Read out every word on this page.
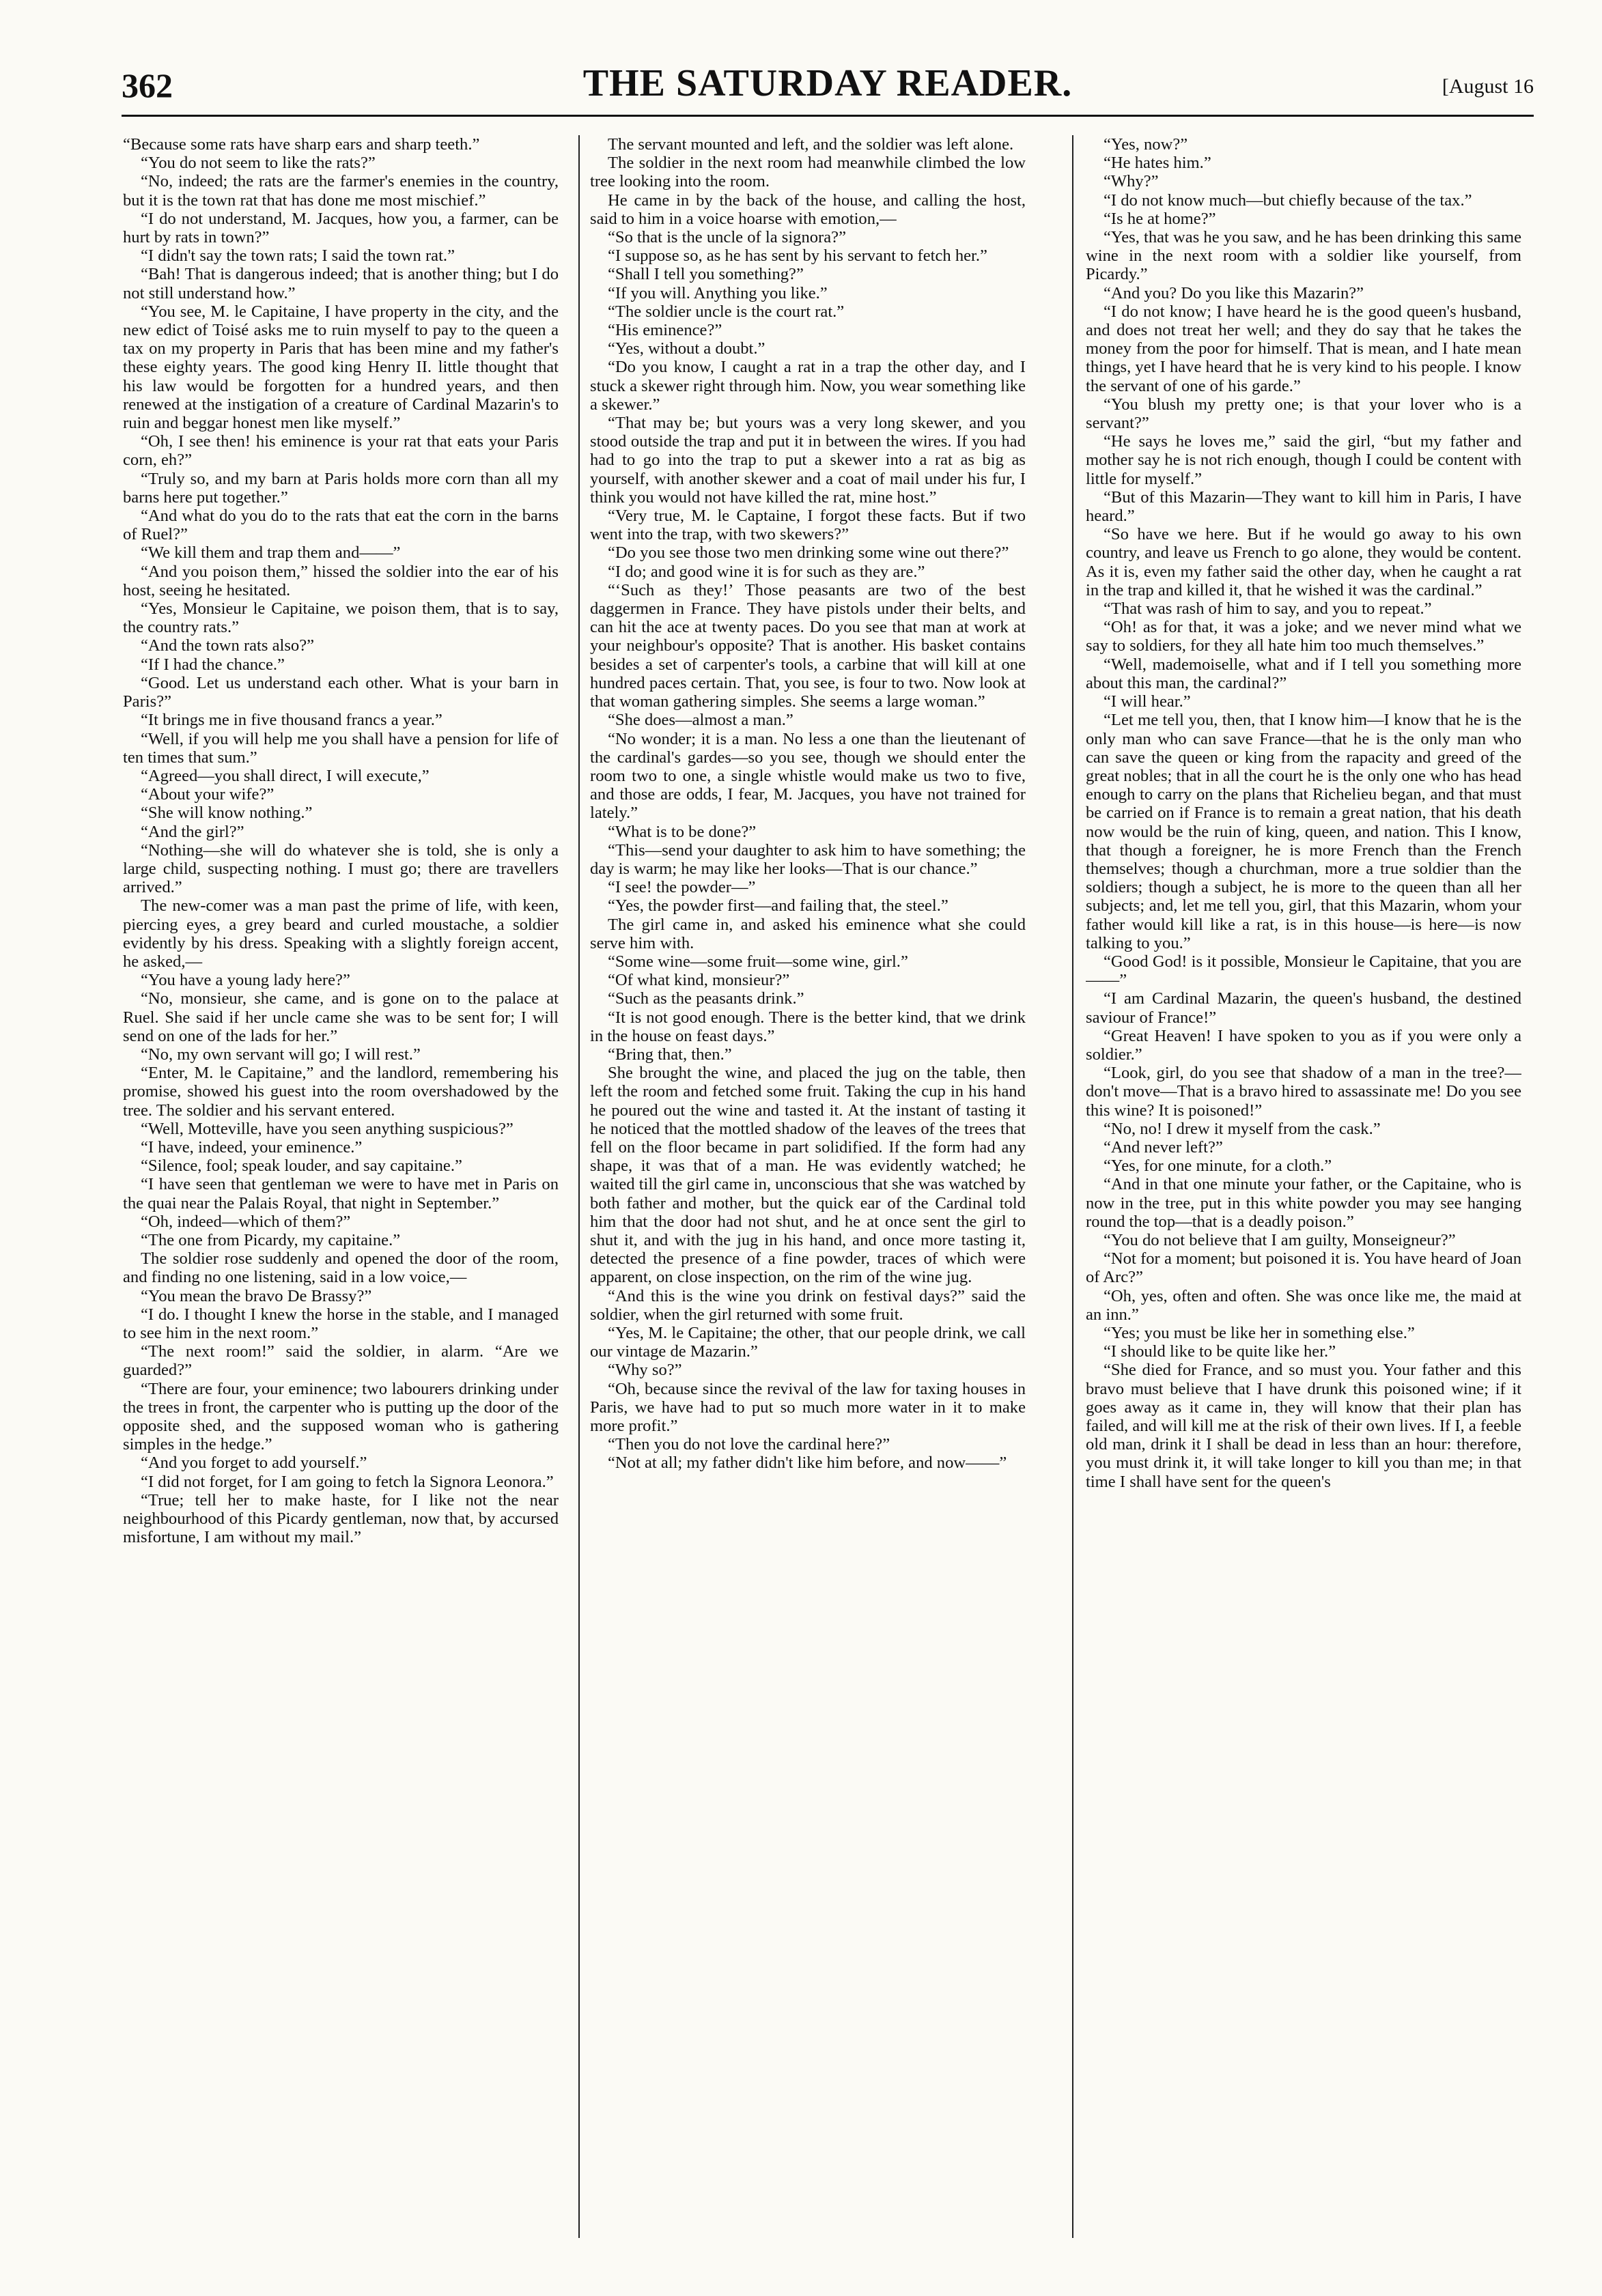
362	THE SATURDAY READER.	[August 16

“Because some rats have sharp ears and sharp teeth.”

“You do not seem to like the rats?”

“No, indeed; the rats are the farmer's enemies in the country, but it is the town rat that has done me most mischief.”

“I do not understand, M. Jacques, how you, a farmer, can be hurt by rats in town?”

“I didn't say the town rats; I said the town rat.”

“Bah! That is dangerous indeed; that is another thing; but I do not still understand how.”

“You see, M. le Capitaine, I have property in the city, and the new edict of Toisé asks me to ruin myself to pay to the queen a tax on my property in Paris that has been mine and my father's these eighty years. The good king Henry II. little thought that his law would be forgotten for a hundred years, and then renewed at the instigation of a creature of Cardinal Mazarin's to ruin and beggar honest men like myself.”

“Oh, I see then! his eminence is your rat that eats your Paris corn, eh?”

“Truly so, and my barn at Paris holds more corn than all my barns here put together.”

“And what do you do to the rats that eat the corn in the barns of Ruel?”

“We kill them and trap them and——”

“And you poison them,” hissed the soldier into the ear of his host, seeing he hesitated.

“Yes, Monsieur le Capitaine, we poison them, that is to say, the country rats.”

“And the town rats also?”

“If I had the chance.”

“Good. Let us understand each other. What is your barn in Paris?”

“It brings me in five thousand francs a year.”

“Well, if you will help me you shall have a pension for life of ten times that sum.”

“Agreed—you shall direct, I will execute,”

“About your wife?”

“She will know nothing.”

“And the girl?”

“Nothing—she will do whatever she is told, she is only a large child, suspecting nothing. I must go; there are travellers arrived.”

The new-comer was a man past the prime of life, with keen, piercing eyes, a grey beard and curled moustache, a soldier evidently by his dress. Speaking with a slightly foreign accent, he asked,—

“You have a young lady here?”

“No, monsieur, she came, and is gone on to the palace at Ruel. She said if her uncle came she was to be sent for; I will send on one of the lads for her.”

“No, my own servant will go; I will rest.”

“Enter, M. le Capitaine,” and the landlord, remembering his promise, showed his guest into the room overshadowed by the tree. The soldier and his servant entered.

“Well, Motteville, have you seen anything suspicious?”

“I have, indeed, your eminence.”

“Silence, fool; speak louder, and say capitaine.”

“I have seen that gentleman we were to have met in Paris on the quai near the Palais Royal, that night in September.”

“Oh, indeed—which of them?”

“The one from Picardy, my capitaine.”

The soldier rose suddenly and opened the door of the room, and finding no one listening, said in a low voice,—

“You mean the bravo De Brassy?”

“I do. I thought I knew the horse in the stable, and I managed to see him in the next room.”

“The next room!” said the soldier, in alarm. “Are we guarded?”

“There are four, your eminence; two labourers drinking under the trees in front, the carpenter who is putting up the door of the opposite shed, and the supposed woman who is gathering simples in the hedge.”

“And you forget to add yourself.”

“I did not forget, for I am going to fetch la Signora Leonora.”

“True; tell her to make haste, for I like not the near neighbourhood of this Picardy gentleman, now that, by accursed misfortune, I am without my mail.”

The servant mounted and left, and the soldier was left alone.

The soldier in the next room had meanwhile climbed the low tree looking into the room.

He came in by the back of the house, and calling the host, said to him in a voice hoarse with emotion,—

“So that is the uncle of la signora?”

“I suppose so, as he has sent by his servant to fetch her.”

“Shall I tell you something?”

“If you will. Anything you like.”

“The soldier uncle is the court rat.”

“His eminence?”

“Yes, without a doubt.”

“Do you know, I caught a rat in a trap the other day, and I stuck a skewer right through him. Now, you wear something like a skewer.”

“That may be; but yours was a very long skewer, and you stood outside the trap and put it in between the wires. If you had had to go into the trap to put a skewer into a rat as big as yourself, with another skewer and a coat of mail under his fur, I think you would not have killed the rat, mine host.”

“Very true, M. le Captaine, I forgot these facts. But if two went into the trap, with two skewers?”

“Do you see those two men drinking some wine out there?”

“I do; and good wine it is for such as they are.”

“‘Such as they!’ Those peasants are two of the best daggermen in France. They have pistols under their belts, and can hit the ace at twenty paces. Do you see that man at work at your neighbour's opposite? That is another. His basket contains besides a set of carpenter's tools, a carbine that will kill at one hundred paces certain. That, you see, is four to two. Now look at that woman gathering simples. She seems a large woman.”

“She does—almost a man.”

“No wonder; it is a man. No less a one than the lieutenant of the cardinal's gardes—so you see, though we should enter the room two to one, a single whistle would make us two to five, and those are odds, I fear, M. Jacques, you have not trained for lately.”

“What is to be done?”

“This—send your daughter to ask him to have something; the day is warm; he may like her looks—That is our chance.”

“I see! the powder—”

“Yes, the powder first—and failing that, the steel.”

The girl came in, and asked his eminence what she could serve him with.

“Some wine—some fruit—some wine, girl.”

“Of what kind, monsieur?”

“Such as the peasants drink.”

“It is not good enough. There is the better kind, that we drink in the house on feast days.”

“Bring that, then.”

She brought the wine, and placed the jug on the table, then left the room and fetched some fruit. Taking the cup in his hand he poured out the wine and tasted it. At the instant of tasting it he noticed that the mottled shadow of the leaves of the trees that fell on the floor became in part solidified. If the form had any shape, it was that of a man. He was evidently watched; he waited till the girl came in, unconscious that she was watched by both father and mother, but the quick ear of the Cardinal told him that the door had not shut, and he at once sent the girl to shut it, and with the jug in his hand, and once more tasting it, detected the presence of a fine powder, traces of which were apparent, on close inspection, on the rim of the wine jug.

“And this is the wine you drink on festival days?” said the soldier, when the girl returned with some fruit.

“Yes, M. le Capitaine; the other, that our people drink, we call our vintage de Mazarin.”

“Why so?”

“Oh, because since the revival of the law for taxing houses in Paris, we have had to put so much more water in it to make more profit.”

“Then you do not love the cardinal here?”

“Not at all; my father didn't like him before, and now——”

“Yes, now?”

“He hates him.”

“Why?”

“I do not know much—but chiefly because of the tax.”

“Is he at home?”

“Yes, that was he you saw, and he has been drinking this same wine in the next room with a soldier like yourself, from Picardy.”

“And you? Do you like this Mazarin?”

“I do not know; I have heard he is the good queen's husband, and does not treat her well; and they do say that he takes the money from the poor for himself. That is mean, and I hate mean things, yet I have heard that he is very kind to his people. I know the servant of one of his garde.”

“You blush my pretty one; is that your lover who is a servant?”

“He says he loves me,” said the girl, “but my father and mother say he is not rich enough, though I could be content with little for myself.”

“But of this Mazarin—They want to kill him in Paris, I have heard.”

“So have we here. But if he would go away to his own country, and leave us French to go alone, they would be content. As it is, even my father said the other day, when he caught a rat in the trap and killed it, that he wished it was the cardinal.”

“That was rash of him to say, and you to repeat.”

“Oh! as for that, it was a joke; and we never mind what we say to soldiers, for they all hate him too much themselves.”

“Well, mademoiselle, what and if I tell you something more about this man, the cardinal?”

“I will hear.”

“Let me tell you, then, that I know him—I know that he is the only man who can save France—that he is the only man who can save the queen or king from the rapacity and greed of the great nobles; that in all the court he is the only one who has head enough to carry on the plans that Richelieu began, and that must be carried on if France is to remain a great nation, that his death now would be the ruin of king, queen, and nation. This I know, that though a foreigner, he is more French than the French themselves; though a churchman, more a true soldier than the soldiers; though a subject, he is more to the queen than all her subjects; and, let me tell you, girl, that this Mazarin, whom your father would kill like a rat, is in this house—is here—is now talking to you.”

“Good God! is it possible, Monsieur le Capitaine, that you are——”

“I am Cardinal Mazarin, the queen's husband, the destined saviour of France!”

“Great Heaven! I have spoken to you as if you were only a soldier.”

“Look, girl, do you see that shadow of a man in the tree?—don't move—That is a bravo hired to assassinate me! Do you see this wine? It is poisoned!”

“No, no! I drew it myself from the cask.”

“And never left?”

“Yes, for one minute, for a cloth.”

“And in that one minute your father, or the Capitaine, who is now in the tree, put in this white powder you may see hanging round the top—that is a deadly poison.”

“You do not believe that I am guilty, Monseigneur?”

“Not for a moment; but poisoned it is. You have heard of Joan of Arc?”

“Oh, yes, often and often. She was once like me, the maid at an inn.”

“Yes; you must be like her in something else.”

“I should like to be quite like her.”

“She died for France, and so must you. Your father and this bravo must believe that I have drunk this poisoned wine; if it goes away as it came in, they will know that their plan has failed, and will kill me at the risk of their own lives. If I, a feeble old man, drink it I shall be dead in less than an hour: therefore, you must drink it, it will take longer to kill you than me; in that time I shall have sent for the queen's
